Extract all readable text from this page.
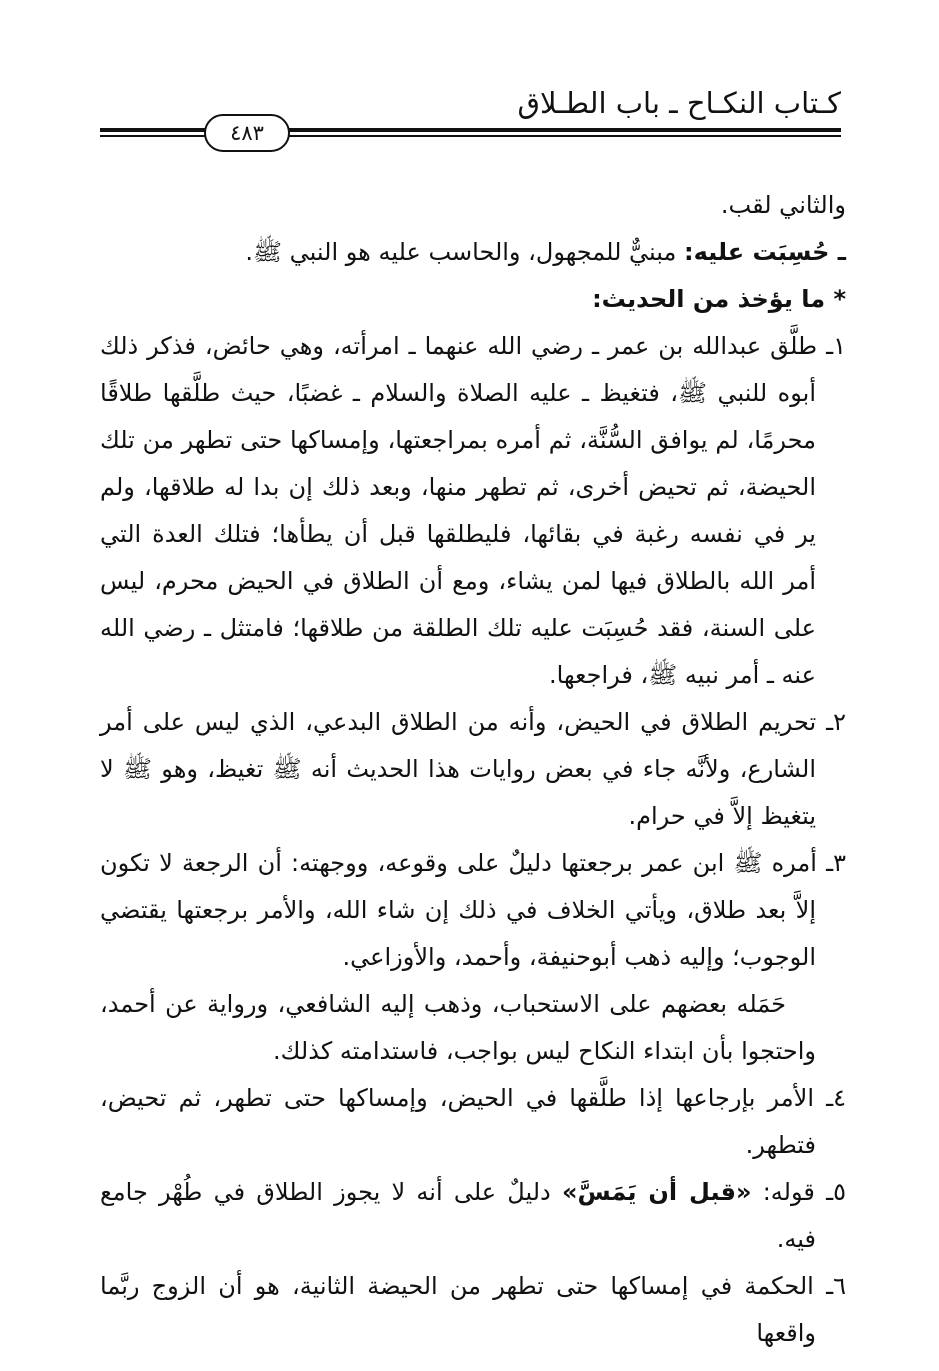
كـتاب النكـاح ـ باب الطـلاق
٤٨٣

والثاني لقب.

ـ حُسِبَت عليه: مبنيٌّ للمجهول، والحاسب عليه هو النبي ﷺ.

* ما يؤخذ من الحديث:

١ـ طلَّق عبدالله بن عمر ـ رضي الله عنهما ـ امرأته، وهي حائض، فذكر ذلك أبوه للنبي ﷺ، فتغيظ ـ عليه الصلاة والسلام ـ غضبًا، حيث طلَّقها طلاقًا محرمًا، لم يوافق السُّنَّة، ثم أمره بمراجعتها، وإمساكها حتى تطهر من تلك الحيضة، ثم تحيض أخرى، ثم تطهر منها، وبعد ذلك إن بدا له طلاقها، ولم ير في نفسه رغبة في بقائها، فليطلقها قبل أن يطأها؛ فتلك العدة التي أمر الله بالطلاق فيها لمن يشاء، ومع أن الطلاق في الحيض محرم، ليس على السنة، فقد حُسِبَت عليه تلك الطلقة من طلاقها؛ فامتثل ـ رضي الله عنه ـ أمر نبيه ﷺ، فراجعها.

٢ـ تحريم الطلاق في الحيض، وأنه من الطلاق البدعي، الذي ليس على أمر الشارع، ولأنَّه جاء في بعض روايات هذا الحديث أنه ﷺ تغيظ، وهو ﷺ لا يتغيظ إلاَّ في حرام.

٣ـ أمره ﷺ ابن عمر برجعتها دليلٌ على وقوعه، ووجهته: أن الرجعة لا تكون إلاَّ بعد طلاق، ويأتي الخلاف في ذلك إن شاء الله، والأمر برجعتها يقتضي الوجوب؛ وإليه ذهب أبوحنيفة، وأحمد، والأوزاعي.

حَمَله بعضهم على الاستحباب، وذهب إليه الشافعي، ورواية عن أحمد، واحتجوا بأن ابتداء النكاح ليس بواجب، فاستدامته كذلك.

٤ـ الأمر بإرجاعها إذا طلَّقها في الحيض، وإمساكها حتى تطهر، ثم تحيض، فتطهر.

٥ـ قوله: «قبل أن يَمَسَّ» دليلٌ على أنه لا يجوز الطلاق في طُهْر جامع فيه.

٦ـ الحكمة في إمساكها حتى تطهر من الحيضة الثانية، هو أن الزوج ربَّما واقعها
